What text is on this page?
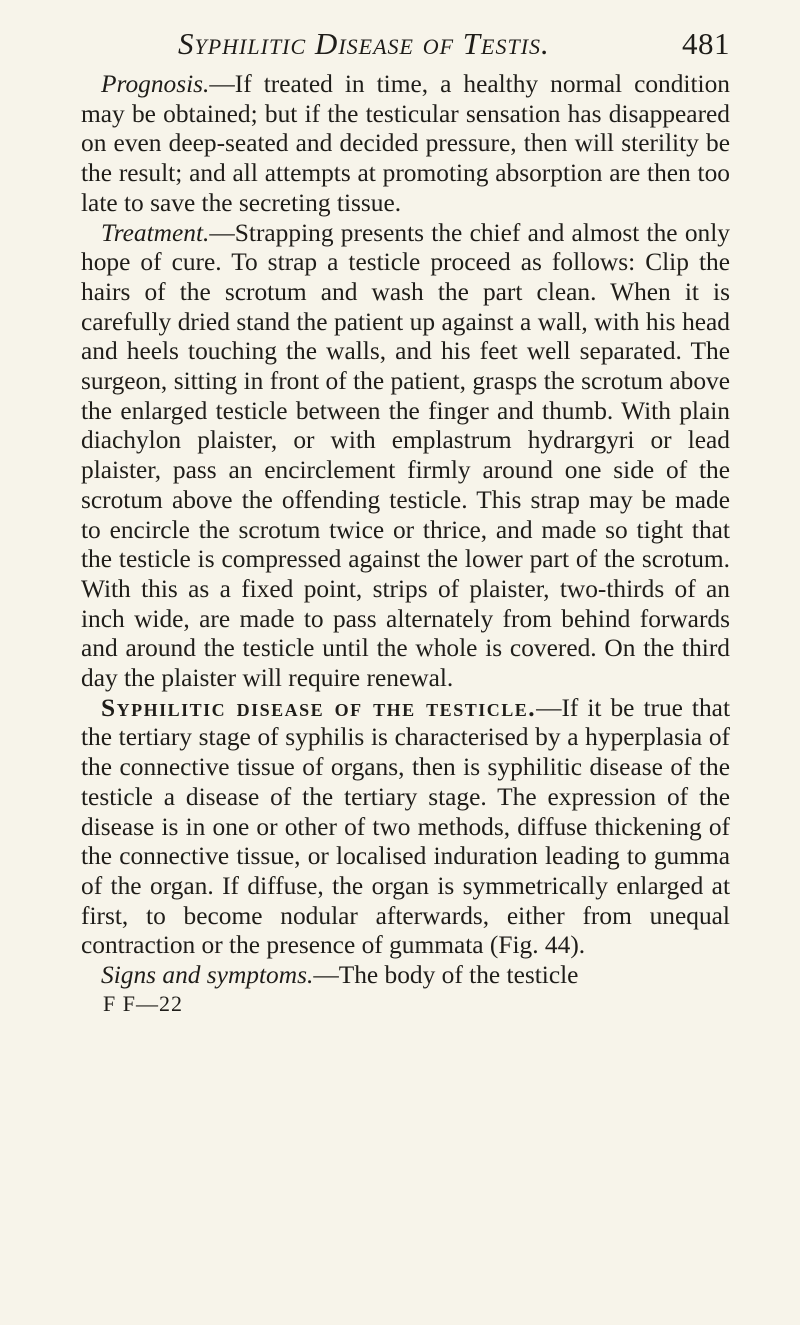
Syphilitic Disease of Testis.	481

Prognosis.—If treated in time, a healthy normal condition may be obtained; but if the testicular sensation has disappeared on even deep-seated and decided pressure, then will sterility be the result; and all attempts at promoting absorption are then too late to save the secreting tissue.

Treatment.—Strapping presents the chief and almost the only hope of cure. To strap a testicle proceed as follows: Clip the hairs of the scrotum and wash the part clean. When it is carefully dried stand the patient up against a wall, with his head and heels touching the walls, and his feet well separated. The surgeon, sitting in front of the patient, grasps the scrotum above the enlarged testicle between the finger and thumb. With plain diachylon plaister, or with emplastrum hydrargyri or lead plaister, pass an encirclement firmly around one side of the scrotum above the offending testicle. This strap may be made to encircle the scrotum twice or thrice, and made so tight that the testicle is compressed against the lower part of the scrotum. With this as a fixed point, strips of plaister, two-thirds of an inch wide, are made to pass alternately from behind forwards and around the testicle until the whole is covered. On the third day the plaister will require renewal.

Syphilitic disease of the testicle.—If it be true that the tertiary stage of syphilis is characterised by a hyperplasia of the connective tissue of organs, then is syphilitic disease of the testicle a disease of the tertiary stage. The expression of the disease is in one or other of two methods, diffuse thickening of the connective tissue, or localised induration leading to gumma of the organ. If diffuse, the organ is symmetrically enlarged at first, to become nodular afterwards, either from unequal contraction or the presence of gummata (Fig. 44).

Signs and symptoms.—The body of the testicle

F F—22
